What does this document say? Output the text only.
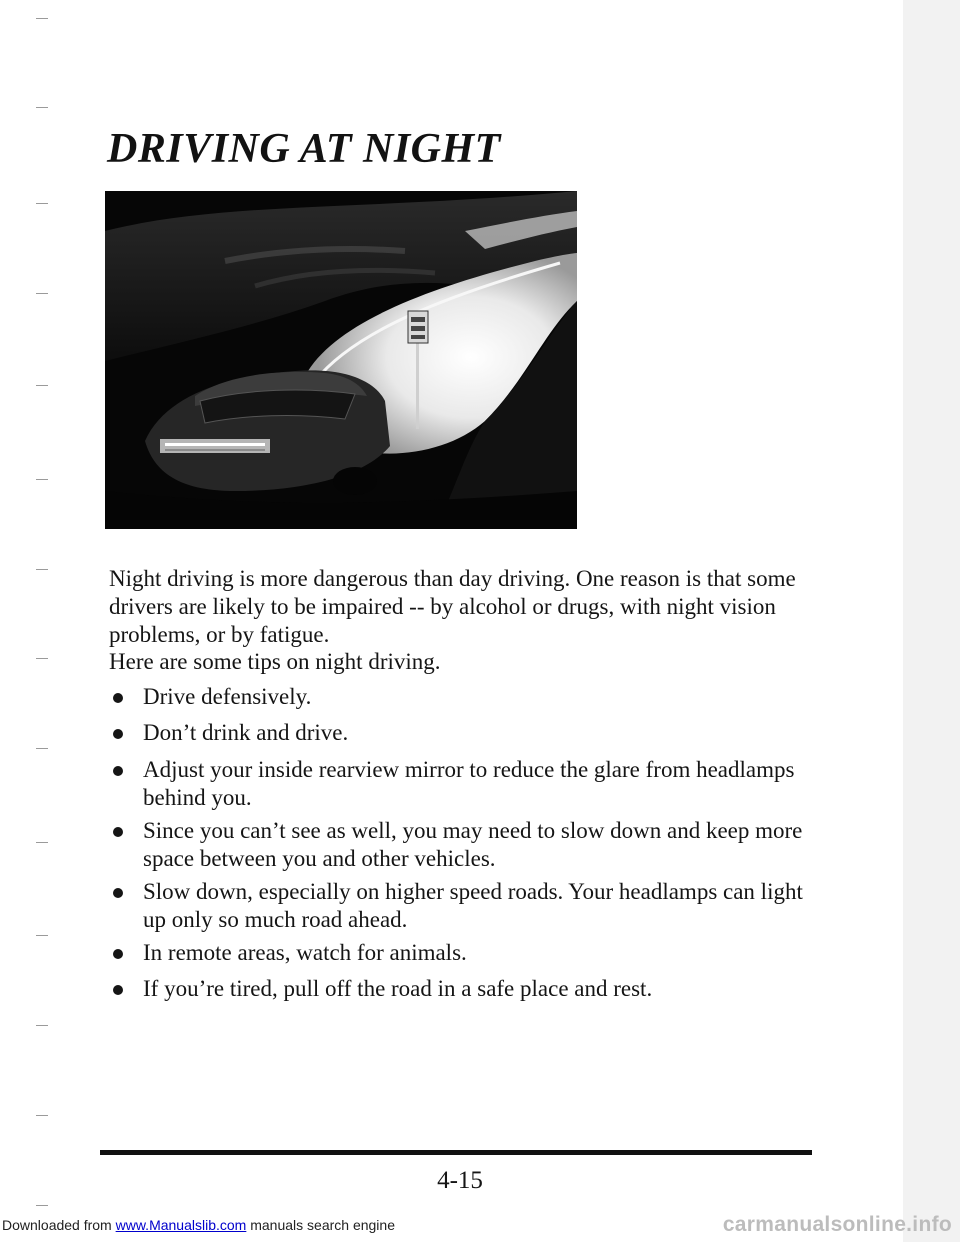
DRIVING AT NIGHT

Night driving is more dangerous than day driving. One reason is that some drivers are likely to be impaired -- by alcohol or drugs, with night vision problems, or by fatigue.

Here are some tips on night driving.

Drive defensively.
Don’t drink and drive.
Adjust your inside rearview mirror to reduce the glare from headlamps behind you.
Since you can’t see as well, you may need to slow down and keep more space between you and other vehicles.
Slow down, especially on higher speed roads. Your headlamps can light up only so much road ahead.
In remote areas, watch for animals.
If you’re tired, pull off the road in a safe place and rest.
4-15
Downloaded from www.Manualslib.com manuals search engine	carmanualsonline.info
